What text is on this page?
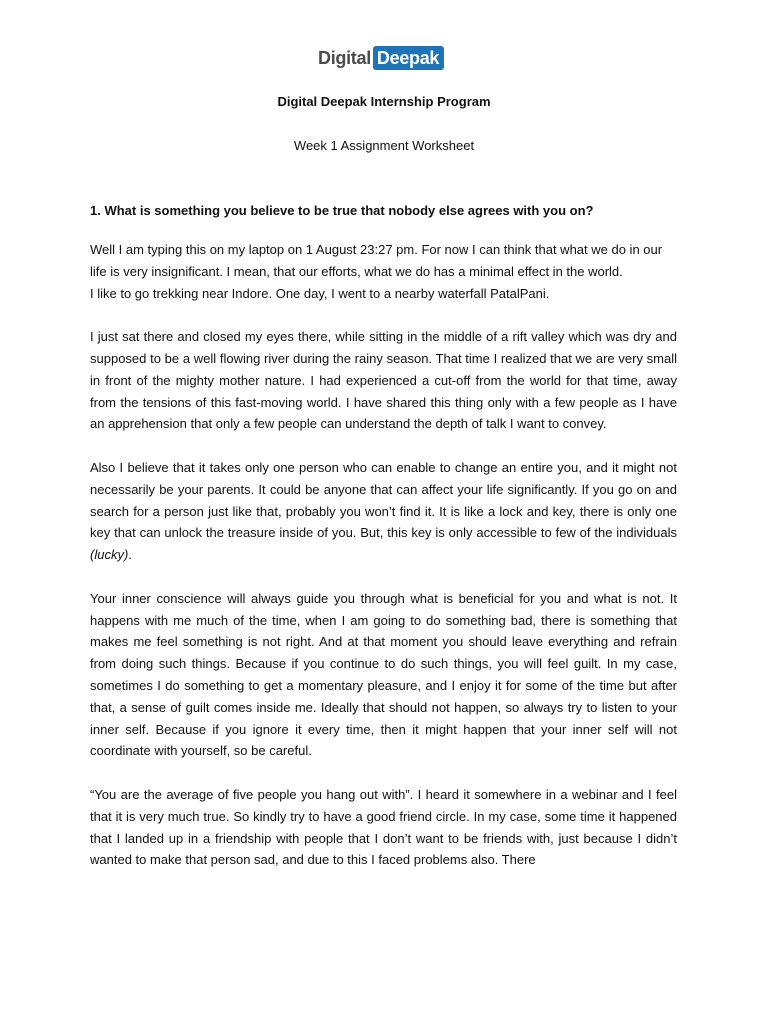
Digital Deepak
Digital Deepak Internship Program
Week 1 Assignment Worksheet
1. What is something you believe to be true that nobody else agrees with you on?

Well I am typing this on my laptop on 1 August 23:27 pm. For now I can think that what we do in our life is very insignificant. I mean, that our efforts, what we do has a minimal effect in the world.

I like to go trekking near Indore. One day, I went to a nearby waterfall PatalPani.

I just sat there and closed my eyes there, while sitting in the middle of a rift valley which was dry and supposed to be a well flowing river during the rainy season. That time I realized that we are very small in front of the mighty mother nature. I had experienced a cut-off from the world for that time, away from the tensions of this fast-moving world. I have shared this thing only with a few people as I have an apprehension that only a few people can understand the depth of talk I want to convey.

Also I believe that it takes only one person who can enable to change an entire you, and it might not necessarily be your parents. It could be anyone that can affect your life significantly. If you go on and search for a person just like that, probably you won’t find it. It is like a lock and key, there is only one key that can unlock the treasure inside of you. But, this key is only accessible to few of the individuals (lucky).

Your inner conscience will always guide you through what is beneficial for you and what is not. It happens with me much of the time, when I am going to do something bad, there is something that makes me feel something is not right. And at that moment you should leave everything and refrain from doing such things. Because if you continue to do such things, you will feel guilt. In my case, sometimes I do something to get a momentary pleasure, and I enjoy it for some of the time but after that, a sense of guilt comes inside me. Ideally that should not happen, so always try to listen to your inner self. Because if you ignore it every time, then it might happen that your inner self will not coordinate with yourself, so be careful.

“You are the average of five people you hang out with”. I heard it somewhere in a webinar and I feel that it is very much true. So kindly try to have a good friend circle. In my case, some time it happened that I landed up in a friendship with people that I don’t want to be friends with, just because I didn’t wanted to make that person sad, and due to this I faced problems also. There
